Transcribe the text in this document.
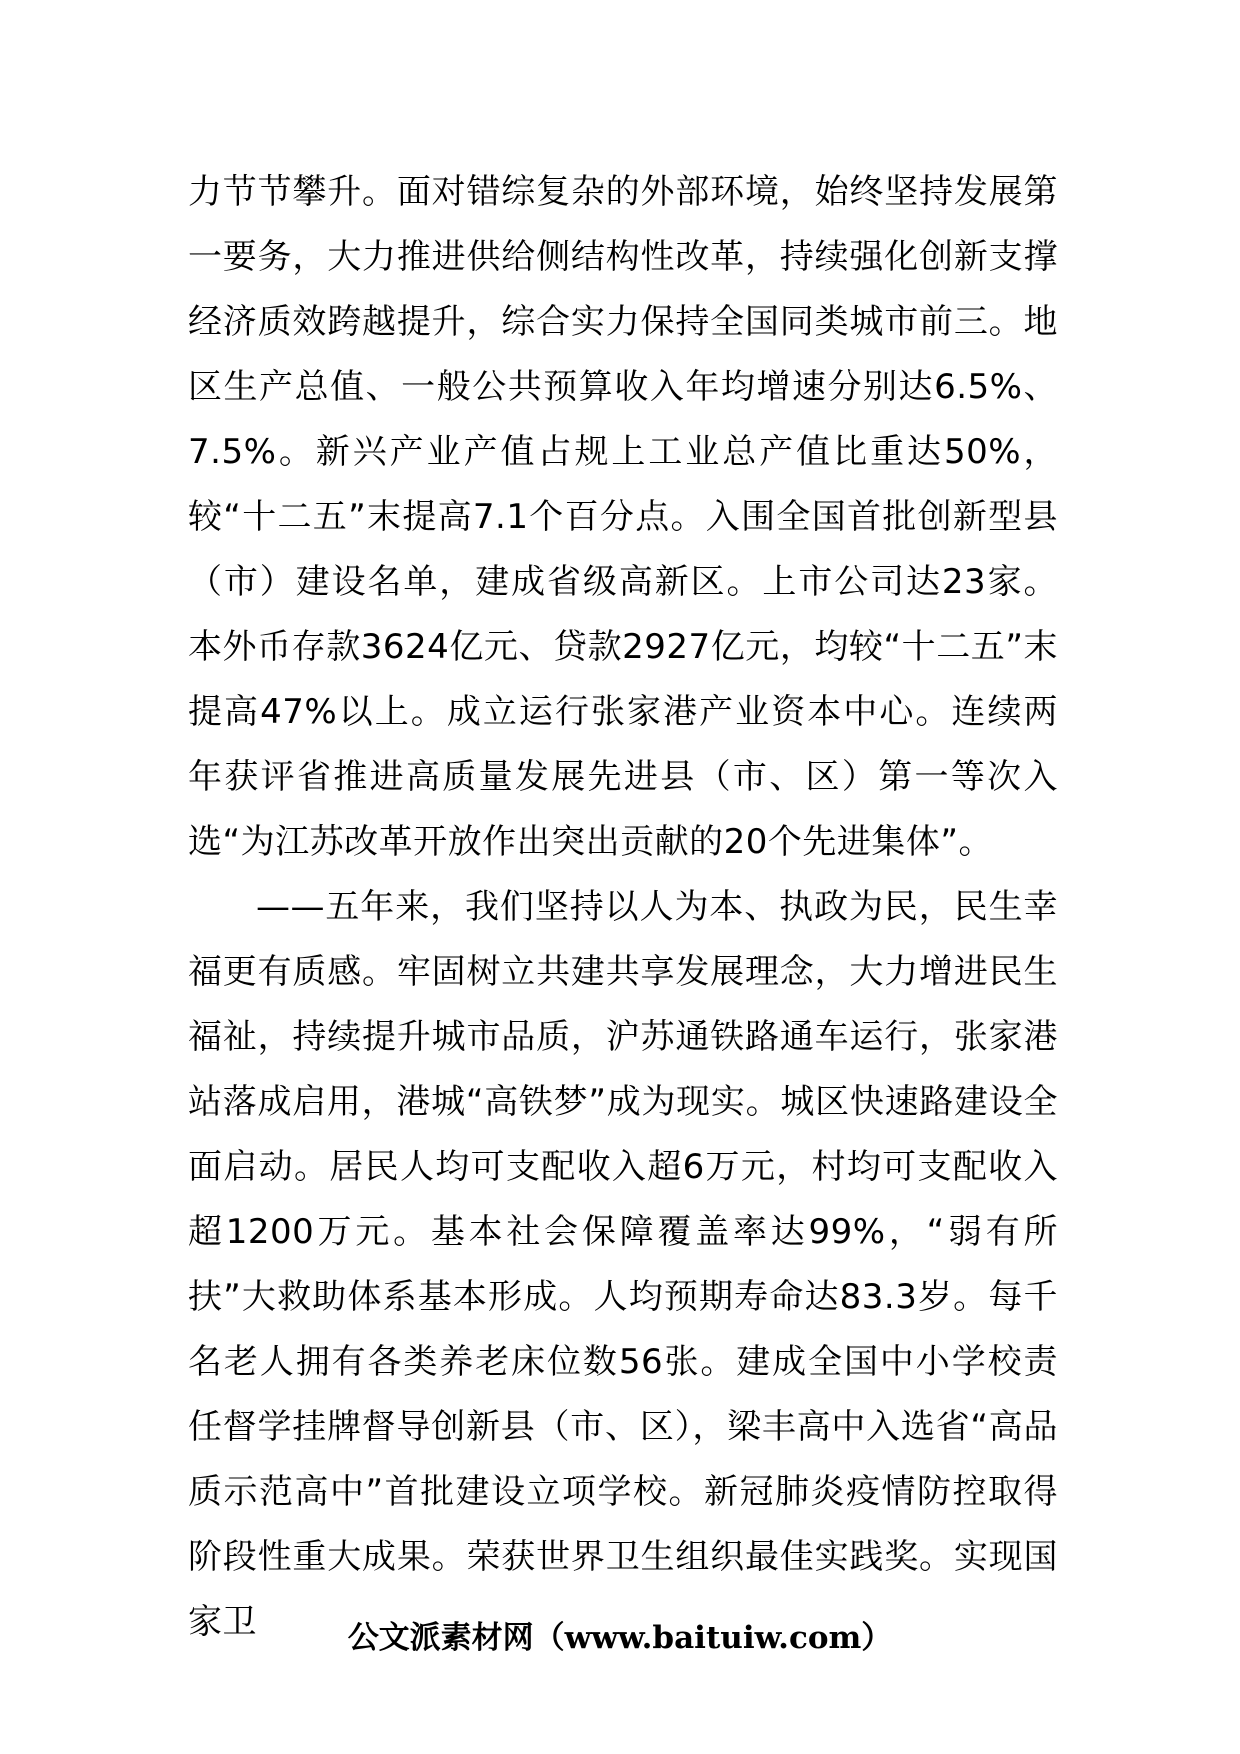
力节节攀升。面对错综复杂的外部环境，始终坚持发展第一要务，大力推进供给侧结构性改革，持续强化创新支撑经济质效跨越提升，综合实力保持全国同类城市前三。地区生产总值、一般公共预算收入年均增速分别达6.5%、7.5%。新兴产业产值占规上工业总产值比重达50%，较“十二五”末提高7.1个百分点。入围全国首批创新型县（市）建设名单，建成省级高新区。上市公司达23家。本外币存款3624亿元、贷款2927亿元，均较“十二五”末提高47%以上。成立运行张家港产业资本中心。连续两年获评省推进高质量发展先进县（市、区）第一等次入选“为江苏改革开放作出突出贡献的20个先进集体”。

——五年来，我们坚持以人为本、执政为民，民生幸福更有质感。牢固树立共建共享发展理念，大力增进民生福祉，持续提升城市品质，沪苏通铁路通车运行，张家港站落成启用，港城“高铁梦”成为现实。城区快速路建设全面启动。居民人均可支配收入超6万元，村均可支配收入超1200万元。基本社会保障覆盖率达99%，“弱有所扶”大救助体系基本形成。人均预期寿命达83.3岁。每千名老人拥有各类养老床位数56张。建成全国中小学校责任督学挂牌督导创新县（市、区），梁丰高中入选省“高品质示范高中”首批建设立项学校。新冠肺炎疫情防控取得阶段性重大成果。荣获世界卫生组织最佳实践奖。实现国家卫	公文派素材网（www.baituiw.com）
